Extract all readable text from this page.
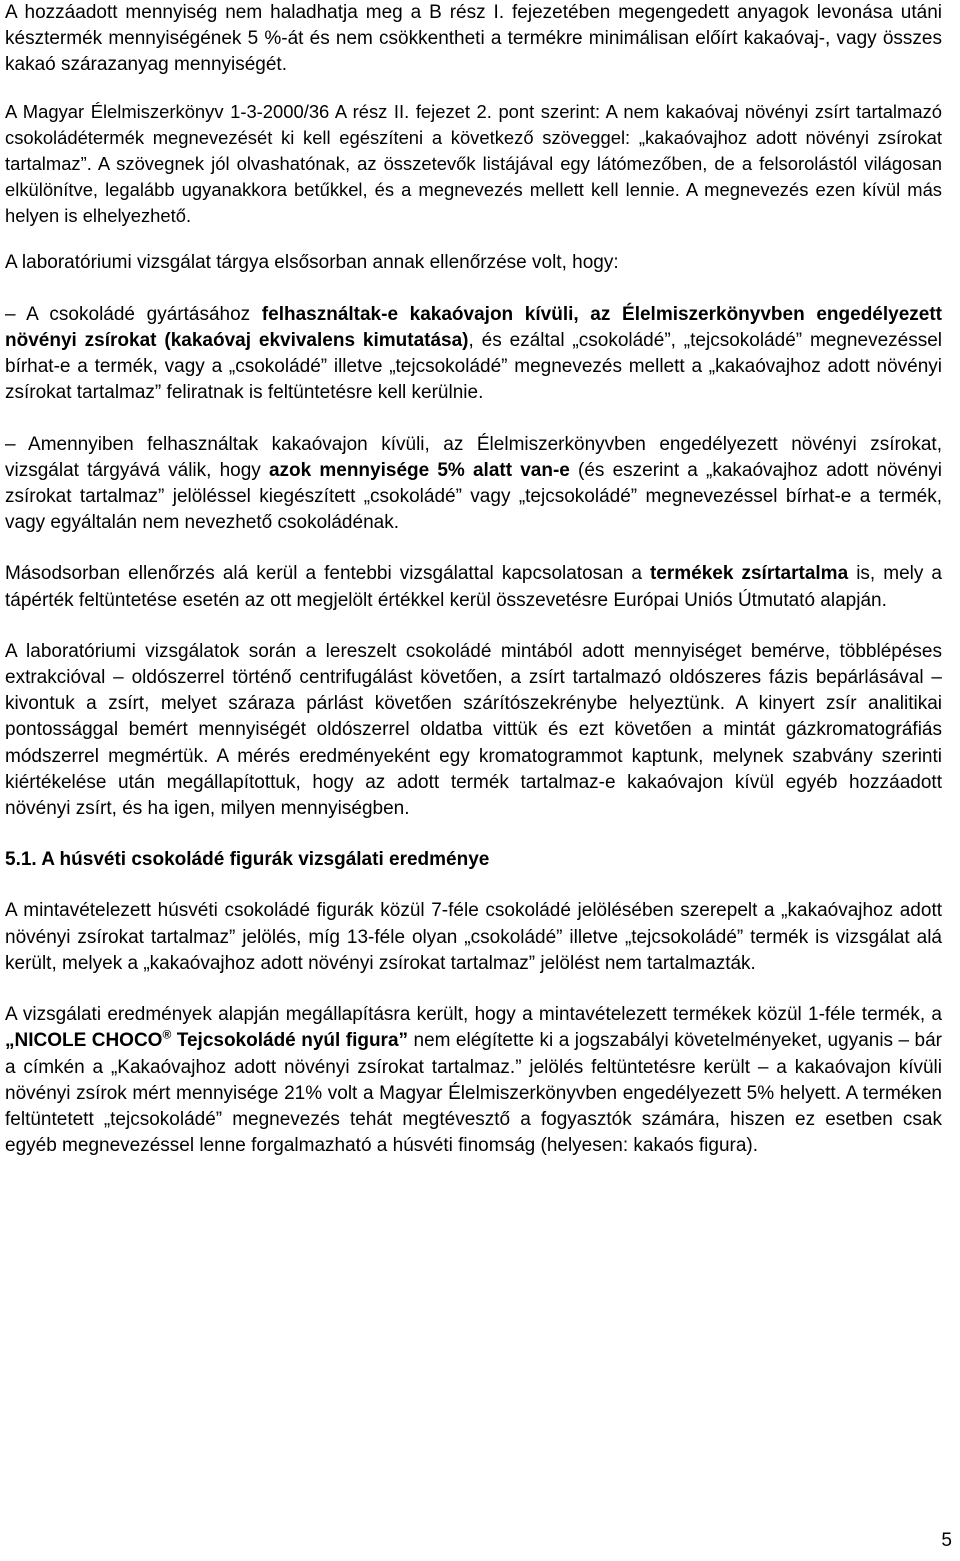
A hozzáadott mennyiség nem haladhatja meg a B rész I. fejezetében megengedett anyagok levonása utáni késztermék mennyiségének 5 %-át és nem csökkentheti a termékre minimálisan előírt kakaóvaj-, vagy összes kakaó szárazanyag mennyiségét.

A Magyar Élelmiszerkönyv 1-3-2000/36 A rész II. fejezet 2. pont szerint: A nem kakaóvaj növényi zsírt tartalmazó csokoládétermék megnevezését ki kell egészíteni a következő szöveggel: „kakaóvajhoz adott növényi zsírokat tartalmaz”. A szövegnek jól olvashatónak, az összetevők listájával egy látómezőben, de a felsorolástól világosan elkülönítve, legalább ugyanakkora betűkkel, és a megnevezés mellett kell lennie. A megnevezés ezen kívül más helyen is elhelyezhető.

A laboratóriumi vizsgálat tárgya elsősorban annak ellenőrzése volt, hogy:

– A csokoládé gyártásához felhasználtak-e kakaóvajon kívüli, az Élelmiszerkönyvben engedélyezett növényi zsírokat (kakaóvaj ekvivalens kimutatása), és ezáltal „csokoládé”, „tejcsokoládé” megnevezéssel bírhat-e a termék, vagy a „csokoládé” illetve „tejcsokoládé” megnevezés mellett a „kakaóvajhoz adott növényi zsírokat tartalmaz” feliratnak is feltüntetésre kell kerülnie.

– Amennyiben felhasználtak kakaóvajon kívüli, az Élelmiszerkönyvben engedélyezett növényi zsírokat, vizsgálat tárgyává válik, hogy azok mennyisége 5% alatt van-e (és eszerint a „kakaóvajhoz adott növényi zsírokat tartalmaz” jelöléssel kiegészített „csokoládé” vagy „tejcsokoládé” megnevezéssel bírhat-e a termék, vagy egyáltalán nem nevezhető csokoládénak.

Másodsorban ellenőrzés alá kerül a fentebbi vizsgálattal kapcsolatosan a termékek zsírtartalma is, mely a tápérték feltüntetése esetén az ott megjelölt értékkel kerül összevetésre Európai Uniós Útmutató alapján.

A laboratóriumi vizsgálatok során a lereszelt csokoládé mintából adott mennyiséget bemérve, többlépéses extrakcióval – oldószerrel történő centrifugálást követően, a zsírt tartalmazó oldószeres fázis bepárlásával – kivontuk a zsírt, melyet száraza párlást követően szárítószekrénybe helyeztünk. A kinyert zsír analitikai pontossággal bemért mennyiségét oldószerrel oldatba vittük és ezt követően a mintát gázkromatográfiás módszerrel megmértük. A mérés eredményeként egy kromatogrammot kaptunk, melynek szabvány szerinti kiértékelése után megállapítottuk, hogy az adott termék tartalmaz-e kakaóvajon kívül egyéb hozzáadott növényi zsírt, és ha igen, milyen mennyiségben.

5.1. A húsvéti csokoládé figurák vizsgálati eredménye

A mintavételezett húsvéti csokoládé figurák közül 7-féle csokoládé jelölésében szerepelt a „kakaóvajhoz adott növényi zsírokat tartalmaz” jelölés, míg 13-féle olyan „csokoládé” illetve „tejcsokoládé” termék is vizsgálat alá került, melyek a „kakaóvajhoz adott növényi zsírokat tartalmaz” jelölést nem tartalmazták.

A vizsgálati eredmények alapján megállapításra került, hogy a mintavételezett termékek közül 1-féle termék, a „NICOLE CHOCO® Tejcsokoládé nyúl figura” nem elégítette ki a jogszabályi követelményeket, ugyanis – bár a címkén a „Kakaóvajhoz adott növényi zsírokat tartalmaz.” jelölés feltüntetésre került – a kakaóvajon kívüli növényi zsírok mért mennyisége 21% volt a Magyar Élelmiszerkönyvben engedélyezett 5% helyett. A terméken feltüntetett „tejcsokoládé” megnevezés tehát megtévesztő a fogyasztók számára, hiszen ez esetben csak egyéb megnevezéssel lenne forgalmazható a húsvéti finomság (helyesen: kakaós figura).

5
